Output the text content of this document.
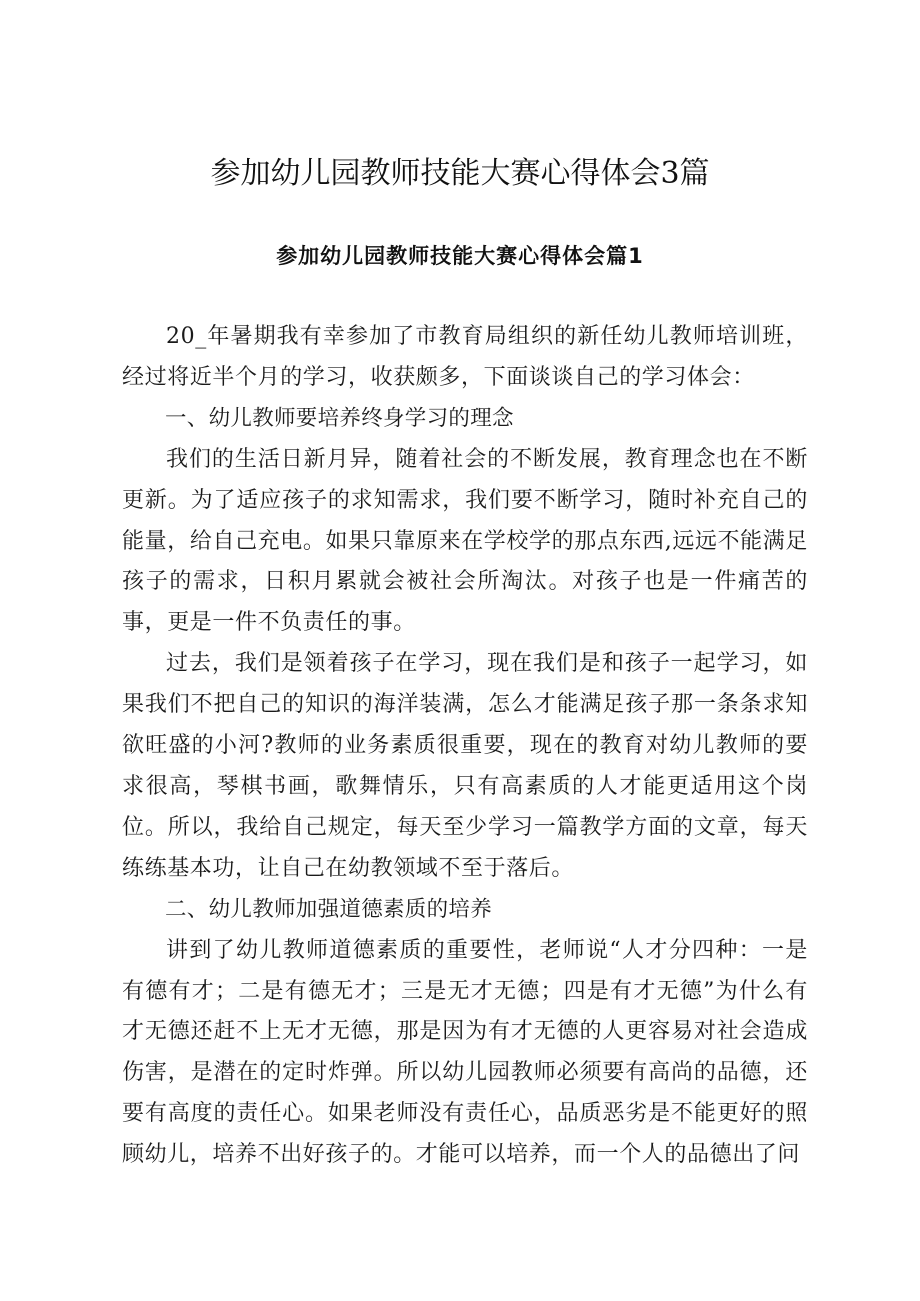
参加幼儿园教师技能大赛心得体会3篇
参加幼儿园教师技能大赛心得体会篇1

20_年暑期我有幸参加了市教育局组织的新任幼儿教师培训班，经过将近半个月的学习，收获颇多，下面谈谈自己的学习体会：

一、幼儿教师要培养终身学习的理念

我们的生活日新月异，随着社会的不断发展，教育理念也在不断更新。为了适应孩子的求知需求，我们要不断学习，随时补充自己的能量，给自己充电。如果只靠原来在学校学的那点东西,远远不能满足孩子的需求，日积月累就会被社会所淘汰。对孩子也是一件痛苦的事，更是一件不负责任的事。

过去，我们是领着孩子在学习，现在我们是和孩子一起学习，如果我们不把自己的知识的海洋装满，怎么才能满足孩子那一条条求知欲旺盛的小河?教师的业务素质很重要，现在的教育对幼儿教师的要求很高，琴棋书画，歌舞情乐，只有高素质的人才能更适用这个岗位。所以，我给自己规定，每天至少学习一篇教学方面的文章，每天练练基本功，让自己在幼教领域不至于落后。

二、幼儿教师加强道德素质的培养

讲到了幼儿教师道德素质的重要性，老师说“人才分四种：一是有德有才；二是有德无才；三是无才无德；四是有才无德”为什么有才无德还赶不上无才无德，那是因为有才无德的人更容易对社会造成伤害，是潜在的定时炸弹。所以幼儿园教师必须要有高尚的品德，还要有高度的责任心。如果老师没有责任心，品质恶劣是不能更好的照顾幼儿，培养不出好孩子的。才能可以培养，而一个人的品德出了问
